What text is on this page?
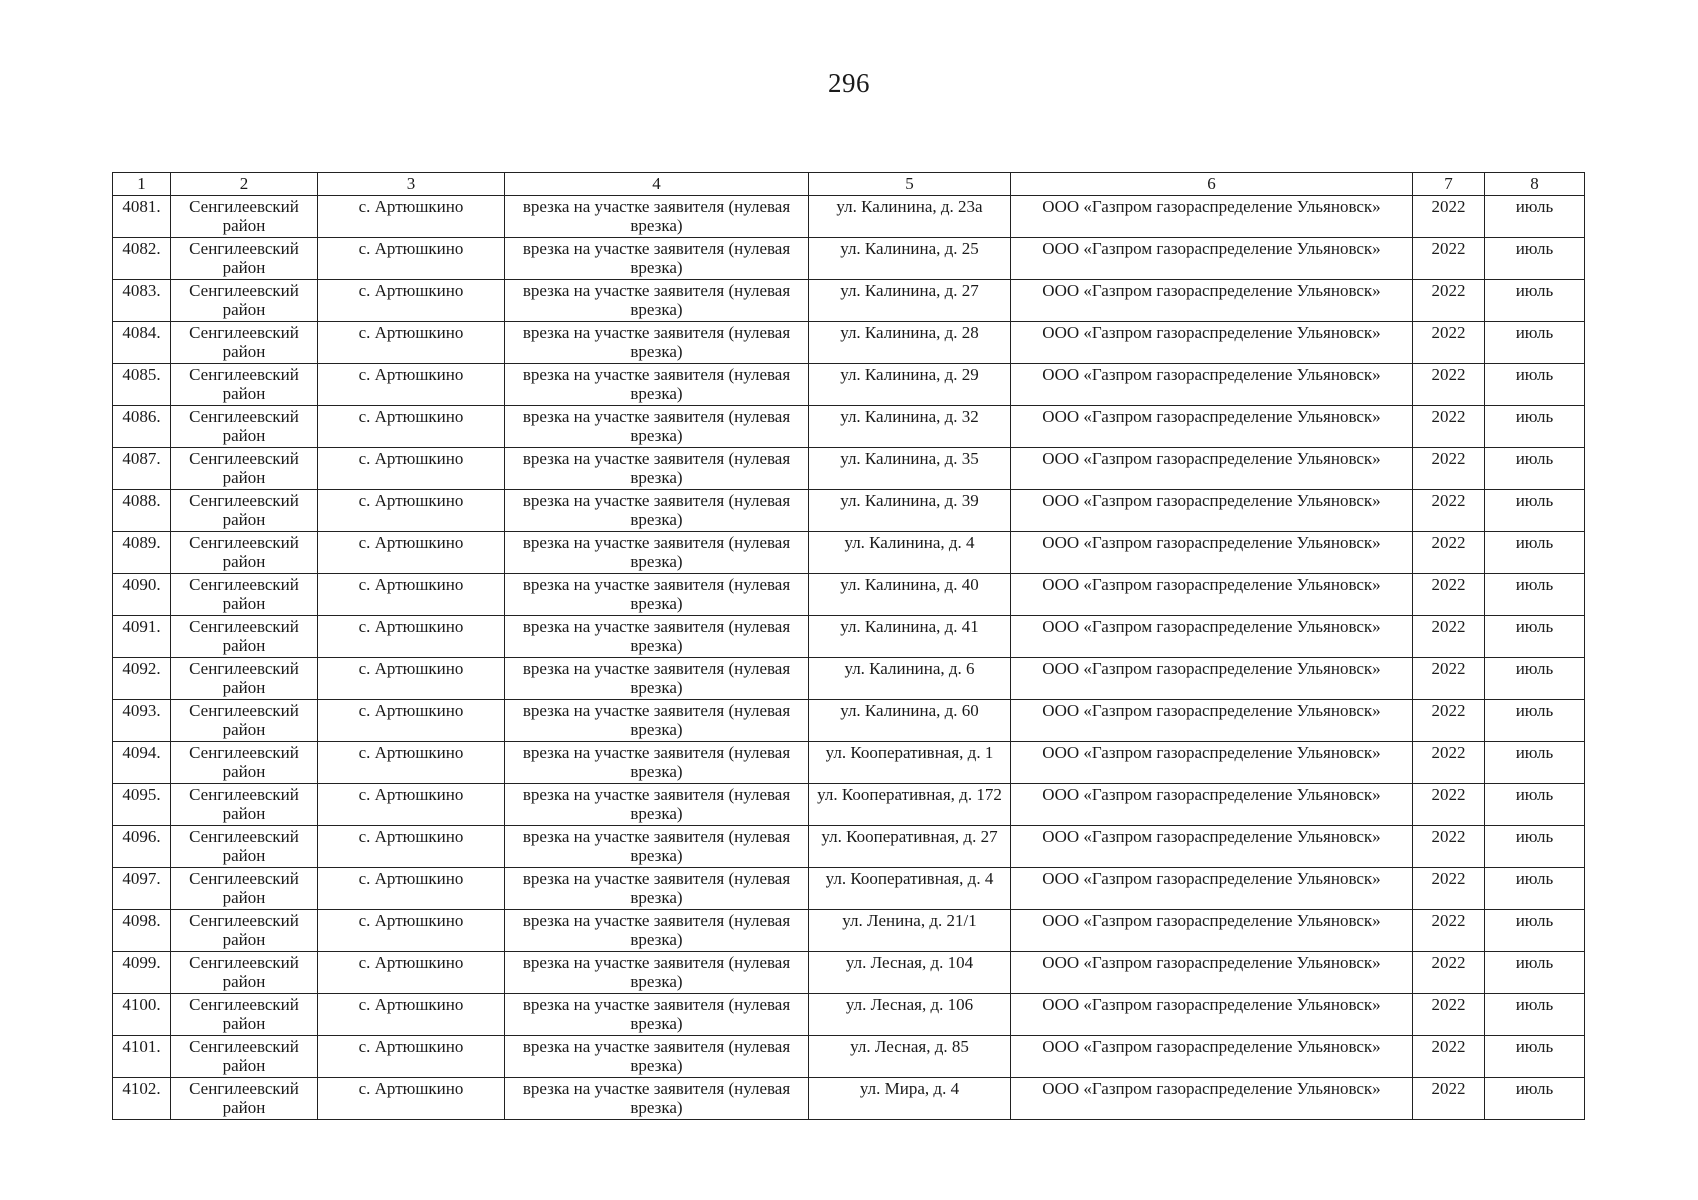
296
1	2	3	4	5	6	7	8
4081.	Сенгилеевский район	с. Артюшкино	врезка на участке заявителя (нулевая врезка)	ул. Калинина, д. 23а	ООО «Газпром газораспределение Ульяновск»	2022	июль
4082.	Сенгилеевский район	с. Артюшкино	врезка на участке заявителя (нулевая врезка)	ул. Калинина, д. 25	ООО «Газпром газораспределение Ульяновск»	2022	июль
4083.	Сенгилеевский район	с. Артюшкино	врезка на участке заявителя (нулевая врезка)	ул. Калинина, д. 27	ООО «Газпром газораспределение Ульяновск»	2022	июль
4084.	Сенгилеевский район	с. Артюшкино	врезка на участке заявителя (нулевая врезка)	ул. Калинина, д. 28	ООО «Газпром газораспределение Ульяновск»	2022	июль
4085.	Сенгилеевский район	с. Артюшкино	врезка на участке заявителя (нулевая врезка)	ул. Калинина, д. 29	ООО «Газпром газораспределение Ульяновск»	2022	июль
4086.	Сенгилеевский район	с. Артюшкино	врезка на участке заявителя (нулевая врезка)	ул. Калинина, д. 32	ООО «Газпром газораспределение Ульяновск»	2022	июль
4087.	Сенгилеевский район	с. Артюшкино	врезка на участке заявителя (нулевая врезка)	ул. Калинина, д. 35	ООО «Газпром газораспределение Ульяновск»	2022	июль
4088.	Сенгилеевский район	с. Артюшкино	врезка на участке заявителя (нулевая врезка)	ул. Калинина, д. 39	ООО «Газпром газораспределение Ульяновск»	2022	июль
4089.	Сенгилеевский район	с. Артюшкино	врезка на участке заявителя (нулевая врезка)	ул. Калинина, д. 4	ООО «Газпром газораспределение Ульяновск»	2022	июль
4090.	Сенгилеевский район	с. Артюшкино	врезка на участке заявителя (нулевая врезка)	ул. Калинина, д. 40	ООО «Газпром газораспределение Ульяновск»	2022	июль
4091.	Сенгилеевский район	с. Артюшкино	врезка на участке заявителя (нулевая врезка)	ул. Калинина, д. 41	ООО «Газпром газораспределение Ульяновск»	2022	июль
4092.	Сенгилеевский район	с. Артюшкино	врезка на участке заявителя (нулевая врезка)	ул. Калинина, д. 6	ООО «Газпром газораспределение Ульяновск»	2022	июль
4093.	Сенгилеевский район	с. Артюшкино	врезка на участке заявителя (нулевая врезка)	ул. Калинина, д. 60	ООО «Газпром газораспределение Ульяновск»	2022	июль
4094.	Сенгилеевский район	с. Артюшкино	врезка на участке заявителя (нулевая врезка)	ул. Кооперативная, д. 1	ООО «Газпром газораспределение Ульяновск»	2022	июль
4095.	Сенгилеевский район	с. Артюшкино	врезка на участке заявителя (нулевая врезка)	ул. Кооперативная, д. 172	ООО «Газпром газораспределение Ульяновск»	2022	июль
4096.	Сенгилеевский район	с. Артюшкино	врезка на участке заявителя (нулевая врезка)	ул. Кооперативная, д. 27	ООО «Газпром газораспределение Ульяновск»	2022	июль
4097.	Сенгилеевский район	с. Артюшкино	врезка на участке заявителя (нулевая врезка)	ул. Кооперативная, д. 4	ООО «Газпром газораспределение Ульяновск»	2022	июль
4098.	Сенгилеевский район	с. Артюшкино	врезка на участке заявителя (нулевая врезка)	ул. Ленина, д. 21/1	ООО «Газпром газораспределение Ульяновск»	2022	июль
4099.	Сенгилеевский район	с. Артюшкино	врезка на участке заявителя (нулевая врезка)	ул. Лесная, д. 104	ООО «Газпром газораспределение Ульяновск»	2022	июль
4100.	Сенгилеевский район	с. Артюшкино	врезка на участке заявителя (нулевая врезка)	ул. Лесная, д. 106	ООО «Газпром газораспределение Ульяновск»	2022	июль
4101.	Сенгилеевский район	с. Артюшкино	врезка на участке заявителя (нулевая врезка)	ул. Лесная, д. 85	ООО «Газпром газораспределение Ульяновск»	2022	июль
4102.	Сенгилеевский район	с. Артюшкино	врезка на участке заявителя (нулевая врезка)	ул. Мира, д. 4	ООО «Газпром газораспределение Ульяновск»	2022	июль
